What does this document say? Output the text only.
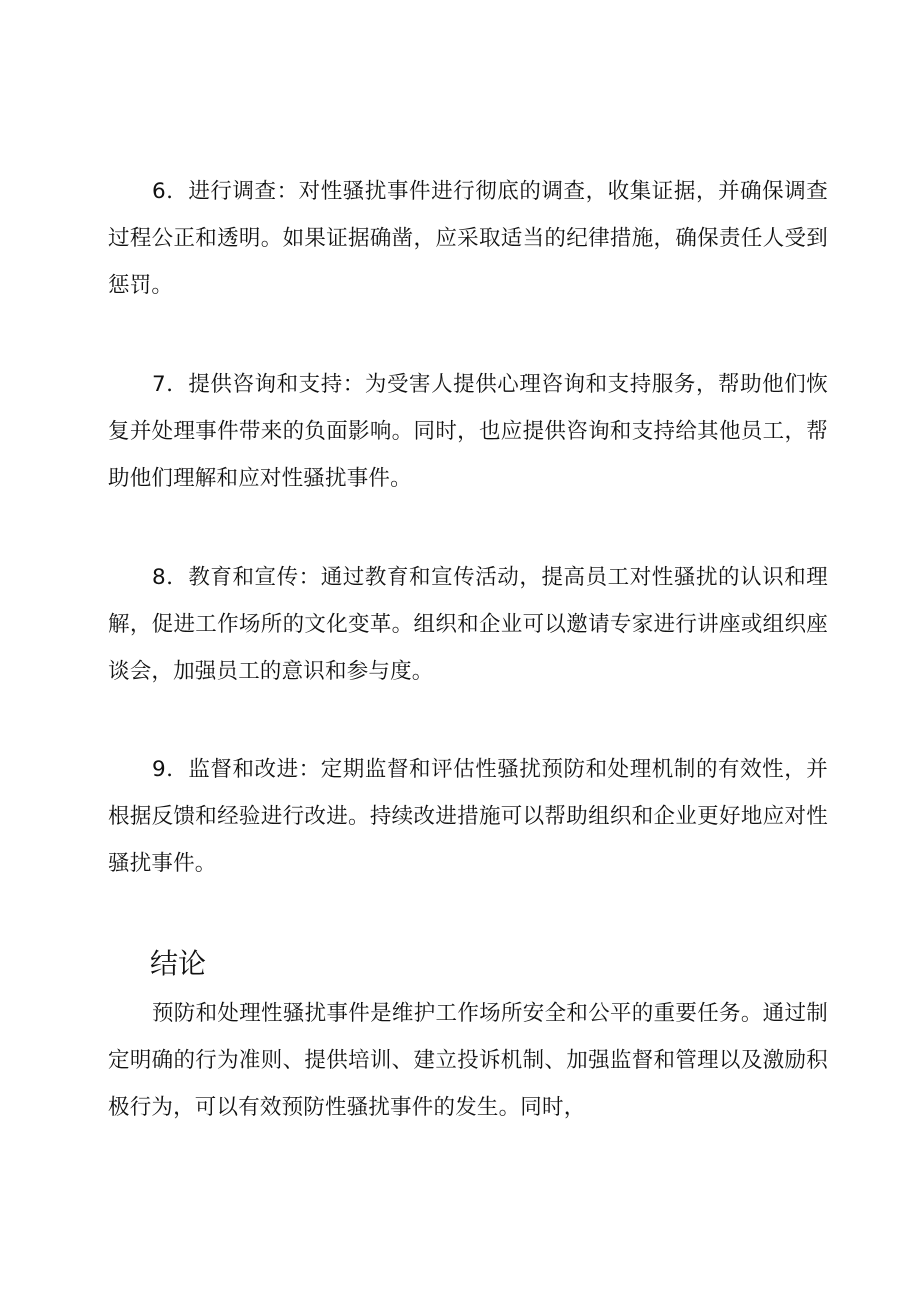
6．进行调查：对性骚扰事件进行彻底的调查，收集证据，并确保调查过程公正和透明。如果证据确凿，应采取适当的纪律措施，确保责任人受到惩罚。

7．提供咨询和支持：为受害人提供心理咨询和支持服务，帮助他们恢复并处理事件带来的负面影响。同时，也应提供咨询和支持给其他员工，帮助他们理解和应对性骚扰事件。

8．教育和宣传：通过教育和宣传活动，提高员工对性骚扰的认识和理解，促进工作场所的文化变革。组织和企业可以邀请专家进行讲座或组织座谈会，加强员工的意识和参与度。

9．监督和改进：定期监督和评估性骚扰预防和处理机制的有效性，并根据反馈和经验进行改进。持续改进措施可以帮助组织和企业更好地应对性骚扰事件。

结论

预防和处理性骚扰事件是维护工作场所安全和公平的重要任务。通过制定明确的行为准则、提供培训、建立投诉机制、加强监督和管理以及激励积极行为，可以有效预防性骚扰事件的发生。同时，
